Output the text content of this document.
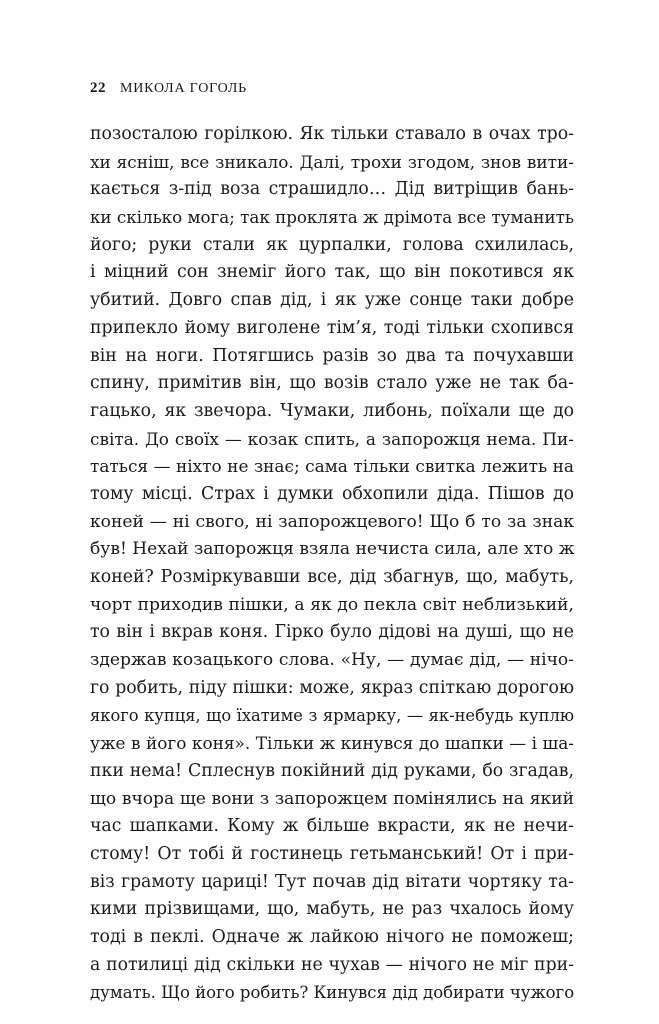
22 МИКОЛА ГОГОЛЬ
позосталою горілкою. Як тільки ставало в очах тро-
хи ясніш, все зникало. Далі, трохи згодом, знов вити-
кається з-під воза страшидло… Дід витріщив бань-
ки скілько мога; так проклята ж дрімота все туманить
його; руки стали як цурпалки, голова схилилась,
і міцний сон знеміг його так, що він покотився як
убитий. Довго спав дід, і як уже сонце таки добре
припекло йому виголене тім’я, тоді тільки схопився
він на ноги. Потягшись разів зо два та почухавши
спину, примітив він, що возів стало уже не так ба-
гацько, як звечора. Чумаки, либонь, поїхали ще до
світа. До своїх — козак спить, а запорожця нема. Пи-
таться — ніхто не знає; сама тільки свитка лежить на
тому місці. Страх і думки обхопили діда. Пішов до
коней — ні свого, ні запорожцевого! Що б то за знак
був! Нехай запорожця взяла нечиста сила, але хто ж
коней? Розміркувавши все, дід збагнув, що, мабуть,
чорт приходив пішки, а як до пекла світ неблизький,
то він і вкрав коня. Гірко було дідові на душі, що не
здержав козацького слова. «Ну, — думає дід, — нічо-
го робить, піду пішки: може, якраз спіткаю дорогою
якого купця, що їхатиме з ярмарку, — як-небудь куплю
уже в його коня». Тільки ж кинувся до шапки — і ша-
пки нема! Сплеснув покійний дід руками, бо згадав,
що вчора ще вони з запорожцем помінялись на який
час шапками. Кому ж більше вкрасти, як не нечи-
стому! От тобі й гостинець гетьманський! От і при-
віз грамоту цариці! Тут почав дід вітати чортяку та-
кими прізвищами, що, мабуть, не раз чхалось йому
тоді в пеклі. Одначе ж лайкою нічого не поможеш;
а потилиці дід скільки не чухав — нічого не міг при-
думать. Що його робить? Кинувся дід добирати чужого
